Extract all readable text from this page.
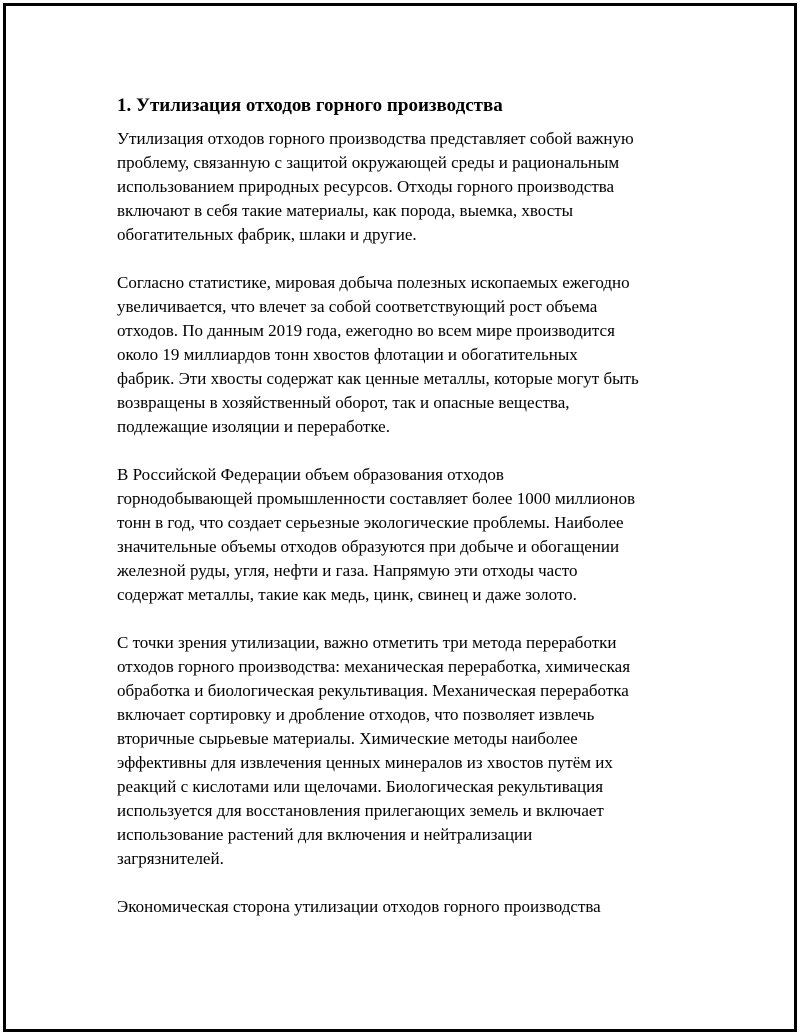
1. Утилизация отходов горного производства

Утилизация отходов горного производства представляет собой важную
проблему, связанную с защитой окружающей среды и рациональным
использованием природных ресурсов. Отходы горного производства
включают в себя такие материалы, как порода, выемка, хвосты
обогатительных фабрик, шлаки и другие.

Согласно статистике, мировая добыча полезных ископаемых ежегодно
увеличивается, что влечет за собой соответствующий рост объема
отходов. По данным 2019 года, ежегодно во всем мире производится
около 19 миллиардов тонн хвостов флотации и обогатительных
фабрик. Эти хвосты содержат как ценные металлы, которые могут быть
возвращены в хозяйственный оборот, так и опасные вещества,
подлежащие изоляции и переработке.

В Российской Федерации объем образования отходов
горнодобывающей промышленности составляет более 1000 миллионов
тонн в год, что создает серьезные экологические проблемы. Наиболее
значительные объемы отходов образуются при добыче и обогащении
железной руды, угля, нефти и газа. Напрямую эти отходы часто
содержат металлы, такие как медь, цинк, свинец и даже золото.

С точки зрения утилизации, важно отметить три метода переработки
отходов горного производства: механическая переработка, химическая
обработка и биологическая рекультивация. Механическая переработка
включает сортировку и дробление отходов, что позволяет извлечь
вторичные сырьевые материалы. Химические методы наиболее
эффективны для извлечения ценных минералов из хвостов путём их
реакций с кислотами или щелочами. Биологическая рекультивация
используется для восстановления прилегающих земель и включает
использование растений для включения и нейтрализации
загрязнителей.

Экономическая сторона утилизации отходов горного производства
